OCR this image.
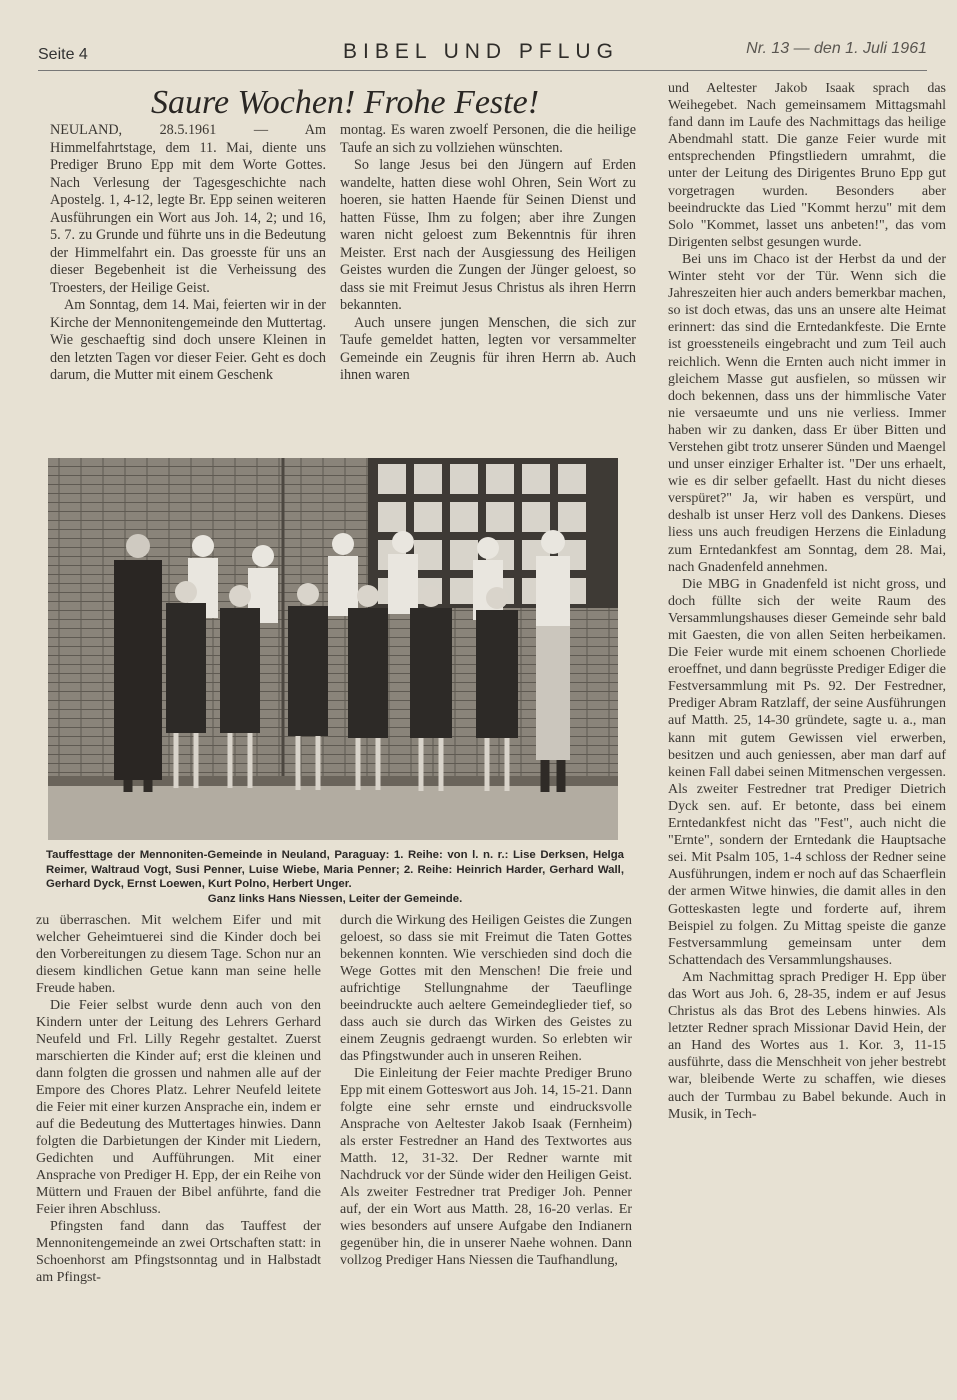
Seite 4	BIBEL UND PFLUG	Nr. 13 — den 1. Juli 1961
Saure Wochen! Frohe Feste!

NEULAND, 28.5.1961 — Am Himmelfahrtstage, dem 11. Mai, diente uns Prediger Bruno Epp mit dem Worte Gottes. Nach Verlesung der Tagesgeschichte nach Apostelg. 1, 4-12, legte Br. Epp seinen weiteren Ausführungen ein Wort aus Joh. 14, 2; und 16, 5. 7. zu Grunde und führte uns in die Bedeutung der Himmelfahrt ein. Das groesste für uns an dieser Begebenheit ist die Verheissung des Troesters, der Heilige Geist.

Am Sonntag, dem 14. Mai, feierten wir in der Kirche der Mennonitengemeinde den Muttertag. Wie geschaeftig sind doch unsere Kleinen in den letzten Tagen vor dieser Feier. Geht es doch darum, die Mutter mit einem Geschenk

montag. Es waren zwoelf Personen, die die heilige Taufe an sich zu vollziehen wünschten.

So lange Jesus bei den Jüngern auf Erden wandelte, hatten diese wohl Ohren, Sein Wort zu hoeren, sie hatten Haende für Seinen Dienst und hatten Füsse, Ihm zu folgen; aber ihre Zungen waren nicht geloest zum Bekenntnis für ihren Meister. Erst nach der Ausgiessung des Heiligen Geistes wurden die Zungen der Jünger geloest, so dass sie mit Freimut Jesus Christus als ihren Herrn bekannten.

Auch unsere jungen Menschen, die sich zur Taufe gemeldet hatten, legten vor versammelter Gemeinde ein Zeugnis für ihren Herrn ab. Auch ihnen waren

und Aeltester Jakob Isaak sprach das Weihegebet. Nach gemeinsamem Mittagsmahl fand dann im Laufe des Nachmittags das heilige Abendmahl statt. Die ganze Feier wurde mit entsprechenden Pfingstliedern umrahmt, die unter der Leitung des Dirigentes Bruno Epp gut vorgetragen wurden. Besonders aber beeindruckte das Lied "Kommt herzu" mit dem Solo "Kommet, lasset uns anbeten!", das vom Dirigenten selbst gesungen wurde.

Bei uns im Chaco ist der Herbst da und der Winter steht vor der Tür. Wenn sich die Jahreszeiten hier auch anders bemerkbar machen, so ist doch etwas, das uns an unsere alte Heimat erinnert: das sind die Erntedankfeste. Die Ernte ist groessteneils eingebracht und zum Teil auch reichlich. Wenn die Ernten auch nicht immer in gleichem Masse gut ausfielen, so müssen wir doch bekennen, dass uns der himmlische Vater nie versaeumte und uns nie verliess. Immer haben wir zu danken, dass Er über Bitten und Verstehen gibt trotz unserer Sünden und Maengel und unser einziger Erhalter ist. "Der uns erhaelt, wie es dir selber gefaellt. Hast du nicht dieses verspüret?" Ja, wir haben es verspürt, und deshalb ist unser Herz voll des Dankens. Dieses liess uns auch freudigen Herzens die Einladung zum Erntedankfest am Sonntag, dem 28. Mai, nach Gnadenfeld annehmen.

Die MBG in Gnadenfeld ist nicht gross, und doch füllte sich der weite Raum des Versammlungshauses dieser Gemeinde sehr bald mit Gaesten, die von allen Seiten herbeikamen. Die Feier wurde mit einem schoenen Chorliede eroeffnet, und dann begrüsste Prediger Ediger die Festversammlung mit Ps. 92. Der Festredner, Prediger Abram Ratzlaff, der seine Ausführungen auf Matth. 25, 14-30 gründete, sagte u. a., man kann mit gutem Gewissen viel erwerben, besitzen und auch geniessen, aber man darf auf keinen Fall dabei seinen Mitmenschen vergessen. Als zweiter Festredner trat Prediger Dietrich Dyck sen. auf. Er betonte, dass bei einem Erntedankfest nicht das "Fest", auch nicht die "Ernte", sondern der Erntedank die Hauptsache sei. Mit Psalm 105, 1-4 schloss der Redner seine Ausführungen, indem er noch auf das Schaerflein der armen Witwe hinwies, die damit alles in den Gotteskasten legte und forderte auf, ihrem Beispiel zu folgen. Zu Mittag speiste die ganze Festversammlung gemeinsam unter dem Schattendach des Versammlungshauses.

Am Nachmittag sprach Prediger H. Epp über das Wort aus Joh. 6, 28-35, indem er auf Jesus Christus als das Brot des Lebens hinwies. Als letzter Redner sprach Missionar David Hein, der an Hand des Wortes aus 1. Kor. 3, 11-15 ausführte, dass die Menschheit von jeher bestrebt war, bleibende Werte zu schaffen, wie dieses auch der Turmbau zu Babel bekunde. Auch in Musik, in Tech-

Tauffesttage der Mennoniten-Gemeinde in Neuland, Paraguay: 1. Reihe: von l. n. r.: Lise Derksen, Helga Reimer, Waltraud Vogt, Susi Penner, Luise Wiebe, Maria Penner; 2. Reihe: Heinrich Harder, Gerhard Wall, Gerhard Dyck, Ernst Loewen, Kurt Polno, Herbert Unger.
Ganz links Hans Niessen, Leiter der Gemeinde.

zu überraschen. Mit welchem Eifer und mit welcher Geheimtuerei sind die Kinder doch bei den Vorbereitungen zu diesem Tage. Schon nur an diesem kindlichen Getue kann man seine helle Freude haben.

Die Feier selbst wurde denn auch von den Kindern unter der Leitung des Lehrers Gerhard Neufeld und Frl. Lilly Regehr gestaltet. Zuerst marschierten die Kinder auf; erst die kleinen und dann folgten die grossen und nahmen alle auf der Empore des Chores Platz. Lehrer Neufeld leitete die Feier mit einer kurzen Ansprache ein, indem er auf die Bedeutung des Muttertages hinwies. Dann folgten die Darbietungen der Kinder mit Liedern, Gedichten und Aufführungen. Mit einer Ansprache von Prediger H. Epp, der ein Reihe von Müttern und Frauen der Bibel anführte, fand die Feier ihren Abschluss.

Pfingsten fand dann das Tauffest der Mennonitengemeinde an zwei Ortschaften statt: in Schoenhorst am Pfingstsonntag und in Halbstadt am Pfingst-

durch die Wirkung des Heiligen Geistes die Zungen geloest, so dass sie mit Freimut die Taten Gottes bekennen konnten. Wie verschieden sind doch die Wege Gottes mit den Menschen! Die freie und aufrichtige Stellungnahme der Taeuflinge beeindruckte auch aeltere Gemeindeglieder tief, so dass auch sie durch das Wirken des Geistes zu einem Zeugnis gedraengt wurden. So erlebten wir das Pfingstwunder auch in unseren Reihen.

Die Einleitung der Feier machte Prediger Bruno Epp mit einem Gotteswort aus Joh. 14, 15-21. Dann folgte eine sehr ernste und eindrucksvolle Ansprache von Aeltester Jakob Isaak (Fernheim) als erster Festredner an Hand des Textwortes aus Matth. 12, 31-32. Der Redner warnte mit Nachdruck vor der Sünde wider den Heiligen Geist. Als zweiter Festredner trat Prediger Joh. Penner auf, der ein Wort aus Matth. 28, 16-20 verlas. Er wies besonders auf unsere Aufgabe den Indianern gegenüber hin, die in unserer Naehe wohnen. Dann vollzog Prediger Hans Niessen die Taufhandlung,
